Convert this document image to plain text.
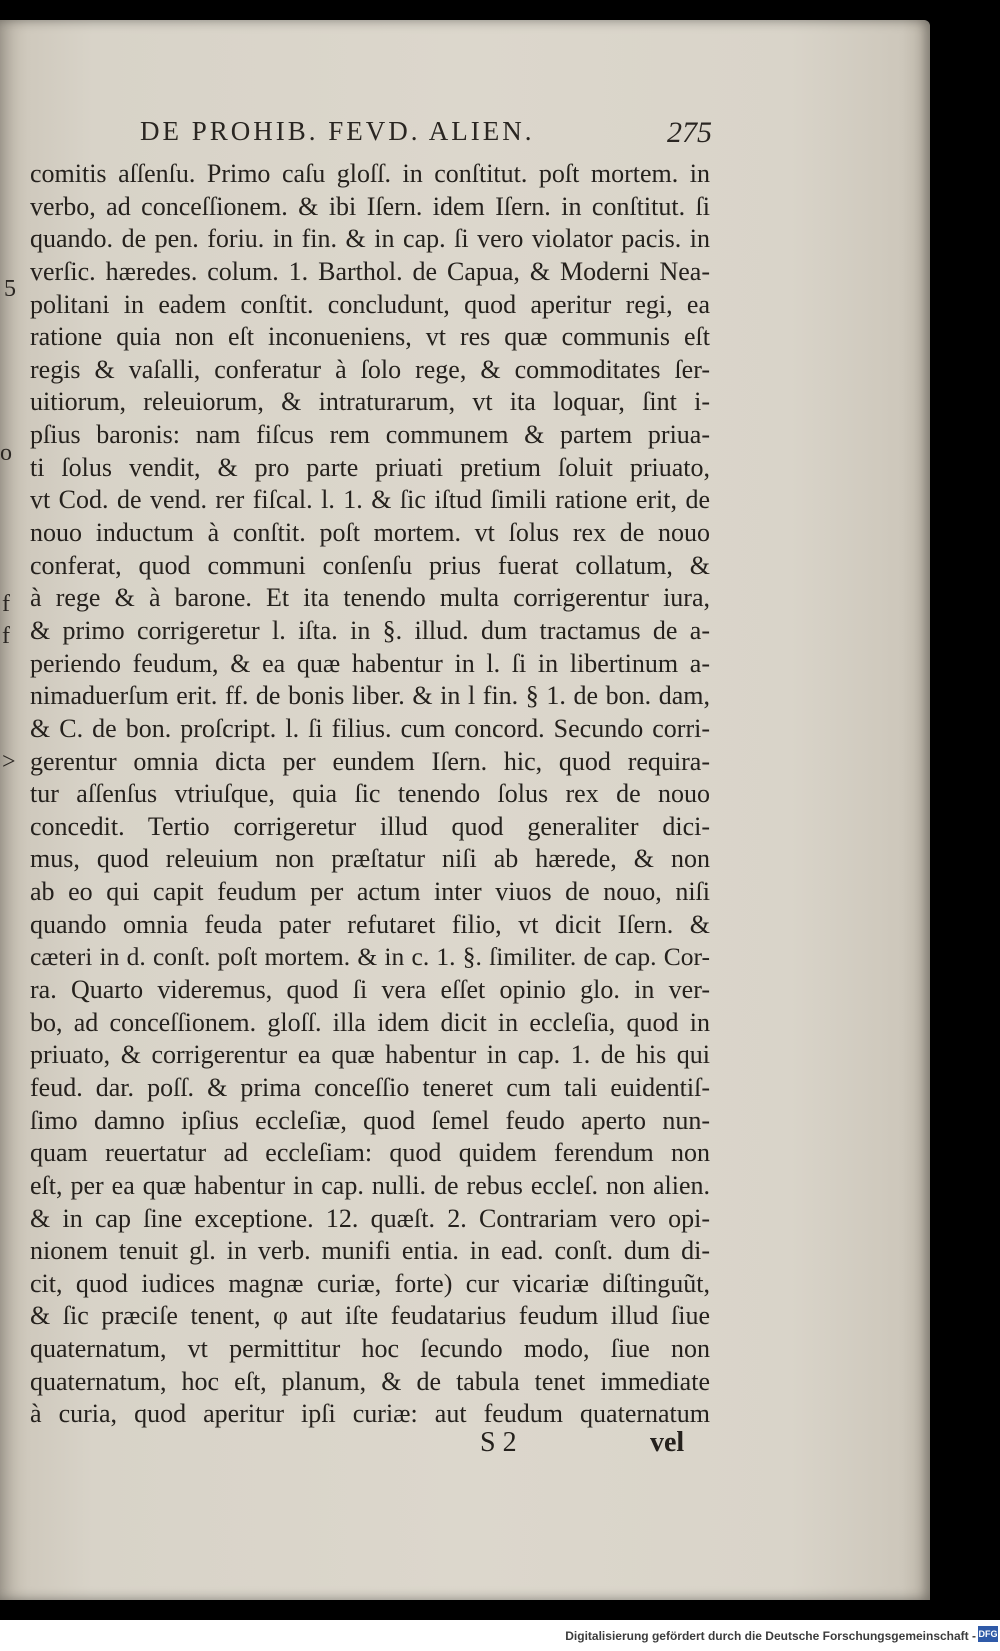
DE PROHIB. FEVD. ALIEN.	275
comitis aſſenſu. Primo caſu gloſſ. in conſtitut. poſt mortem. in
verbo, ad conceſſionem. & ibi Iſern. idem Iſern. in conſtitut. ſi
quando. de pen. foriu. in fin. & in cap. ſi vero violator pacis. in
verſic. hæredes. colum. 1. Barthol. de Capua, & Moderni Nea-
politani in eadem conſtit. concludunt, quod aperitur regi, ea
ratione quia non eſt inconueniens, vt res quæ communis eſt
regis & vaſalli, conferatur à ſolo rege, & commoditates ſer-
uitiorum, releuiorum, & intraturarum, vt ita loquar, ſint i-
pſius baronis: nam fiſcus rem communem & partem priua-
ti ſolus vendit, & pro parte priuati pretium ſoluit priuato,
vt Cod. de vend. rer fiſcal. l. 1. & ſic iſtud ſimili ratione erit, de
nouo inductum à conſtit. poſt mortem. vt ſolus rex de nouo
conferat, quod communi conſenſu prius fuerat collatum, &
à rege & à barone. Et ita tenendo multa corrigerentur iura,
& primo corrigeretur l. iſta. in §. illud. dum tractamus de a-
periendo feudum, & ea quæ habentur in l. ſi in libertinum a-
nimaduerſum erit. ff. de bonis liber. & in l fin. § 1. de bon. dam,
& C. de bon. proſcript. l. ſi filius. cum concord. Secundo corri-
gerentur omnia dicta per eundem Iſern. hic, quod requira-
tur aſſenſus vtriuſque, quia ſic tenendo ſolus rex de nouo
concedit. Tertio corrigeretur illud quod generaliter dici-
mus, quod releuium non præſtatur niſi ab hærede, & non
ab eo qui capit feudum per actum inter viuos de nouo, niſi
quando omnia feuda pater refutaret filio, vt dicit Iſern. &
cæteri in d. conſt. poſt mortem. & in c. 1. §. ſimiliter. de cap. Cor-
ra. Quarto videremus, quod ſi vera eſſet opinio glo. in ver-
bo, ad conceſſionem. gloſſ. illa idem dicit in eccleſia, quod in
priuato, & corrigerentur ea quæ habentur in cap. 1. de his qui
feud. dar. poſſ. & prima conceſſio teneret cum tali euidentiſ-
ſimo damno ipſius eccleſiæ, quod ſemel feudo aperto nun-
quam reuertatur ad eccleſiam: quod quidem ferendum non
eſt, per ea quæ habentur in cap. nulli. de rebus eccleſ. non alien.
& in cap ſine exceptione. 12. quæſt. 2. Contrariam vero opi-
nionem tenuit gl. in verb. munifi entia. in ead. conſt. dum di-
cit, quod iudices magnæ curiæ, forte) cur vicariæ diſtinguũt,
& ſic præciſe tenent, φ aut iſte feudatarius feudum illud ſiue
quaternatum, vt permittitur hoc ſecundo modo, ſiue non
quaternatum, hoc eſt, planum, & de tabula tenet immediate
à curia, quod aperitur ipſi curiæ: aut feudum quaternatum
5
o
f
f
>
S 2	vel
Digitalisierung gefördert durch die Deutsche Forschungsgemeinschaft - DFG
